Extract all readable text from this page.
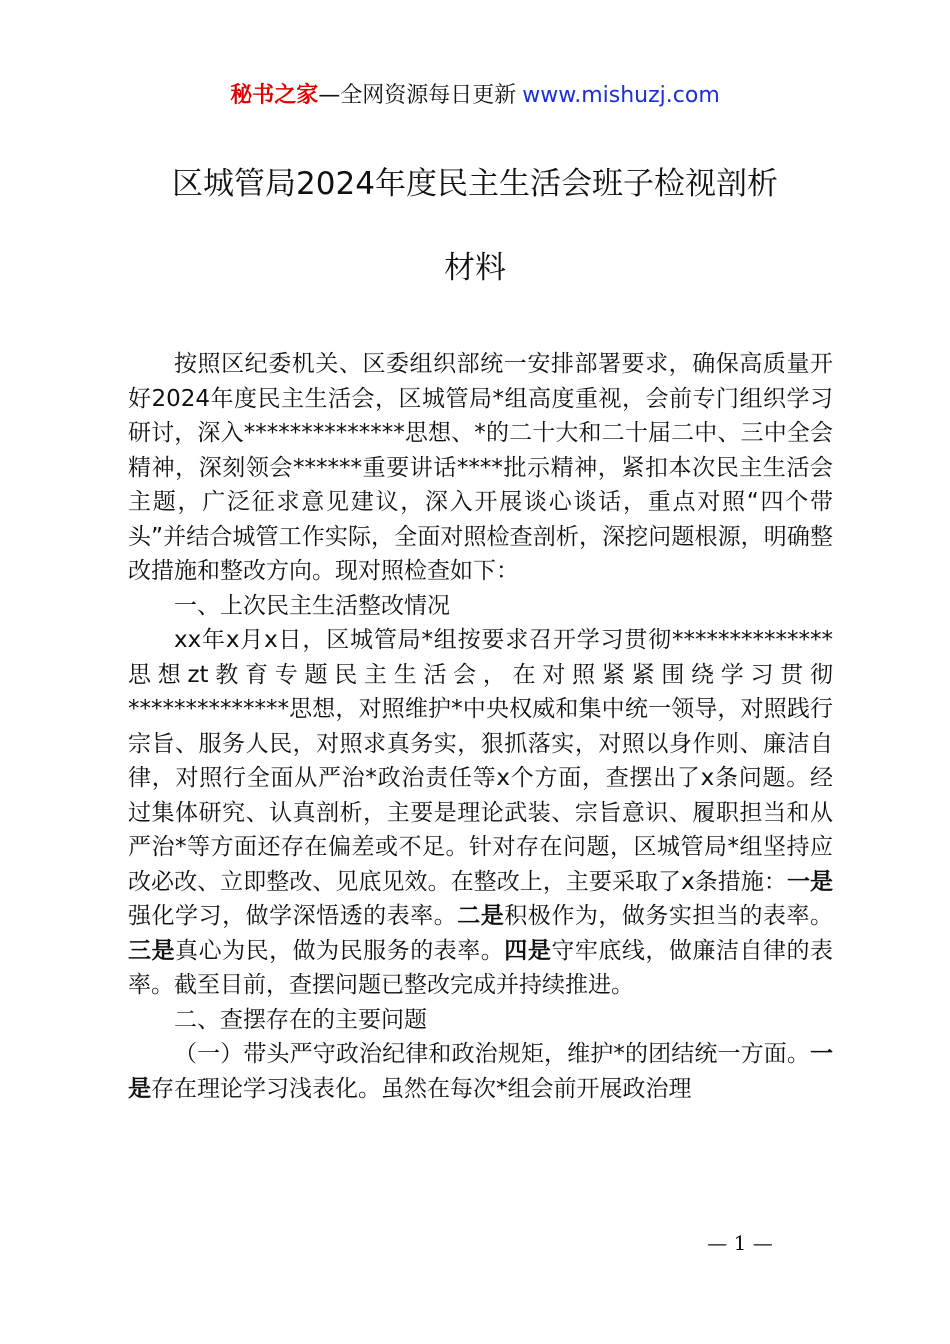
秘书之家—全网资源每日更新 www.mishuzj.com
区城管局2024年度民主生活会班子检视剖析
材料

按照区纪委机关、区委组织部统一安排部署要求，确保高质量开好2024年度民主生活会，区城管局*组高度重视，会前专门组织学习研讨，深入**************思想、*的二十大和二十届二中、三中全会精神，深刻领会******重要讲话****批示精神，紧扣本次民主生活会主题，广泛征求意见建议，深入开展谈心谈话，重点对照“四个带头”并结合城管工作实际，全面对照检查剖析，深挖问题根源，明确整改措施和整改方向。现对照检查如下：

一、上次民主生活整改情况

xx年x月x日，区城管局*组按要求召开学习贯彻**************思想zt教育专题民主生活会，在对照紧紧围绕学习贯彻**************思想，对照维护*中央权威和集中统一领导，对照践行宗旨、服务人民，对照求真务实，狠抓落实，对照以身作则、廉洁自律，对照行全面从严治*政治责任等x个方面，查摆出了x条问题。经过集体研究、认真剖析，主要是理论武装、宗旨意识、履职担当和从严治*等方面还存在偏差或不足。针对存在问题，区城管局*组坚持应改必改、立即整改、见底见效。在整改上，主要采取了x条措施：一是强化学习，做学深悟透的表率。二是积极作为，做务实担当的表率。三是真心为民，做为民服务的表率。四是守牢底线，做廉洁自律的表率。截至目前，查摆问题已整改完成并持续推进。

二、查摆存在的主要问题

（一）带头严守政治纪律和政治规矩，维护*的团结统一方面。一是存在理论学习浅表化。虽然在每次*组会前开展政治理

— 1 —
